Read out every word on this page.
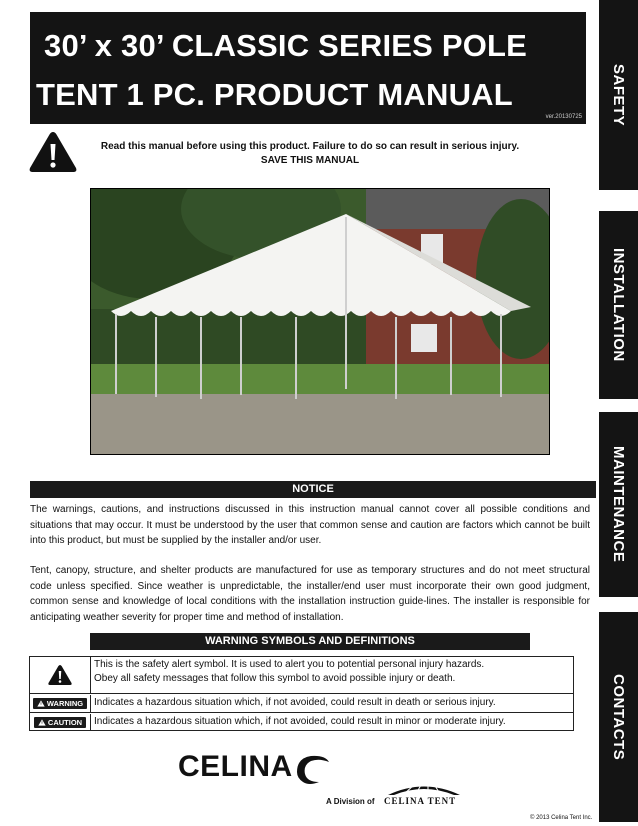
30’ x 30’ CLASSIC SERIES POLE
TENT 1 PC. PRODUCT MANUAL
ver.20130725 SAFETY
INSTALLATION
MAINTENANCE
CONTACTS
Read this manual before using this product. Failure to do so can result in serious injury.
SAVE THIS MANUAL
NOTICE
The warnings, cautions, and instructions discussed in this instruction manual cannot cover all possible conditions and situations that may occur. It must be understood by the user that common sense and caution are factors which cannot be built into this product, but must be supplied by the installer and/or user.
Tent, canopy, structure, and shelter products are manufactured for use as temporary structures and do not meet structural code unless specified. Since weather is unpredictable, the installer/end user must incorporate their own good judgment, common sense and knowledge of local conditions with the installation instruction guide-lines. The installer is responsible for anticipating weather severity for proper time and method of installation.
WARNING SYMBOLS AND DEFINITIONS
This is the safety alert symbol. It is used to alert you to potential personal injury hazards.
Obey all safety messages that follow this symbol to avoid possible injury or death.
WARNING Indicates a hazardous situation which, if not avoided, could result in death or serious injury.
CAUTION Indicates a hazardous situation which, if not avoided, could result in minor or moderate injury.
CELINA
A Division of CELINA TENT
© 2013 Celina Tent Inc.
